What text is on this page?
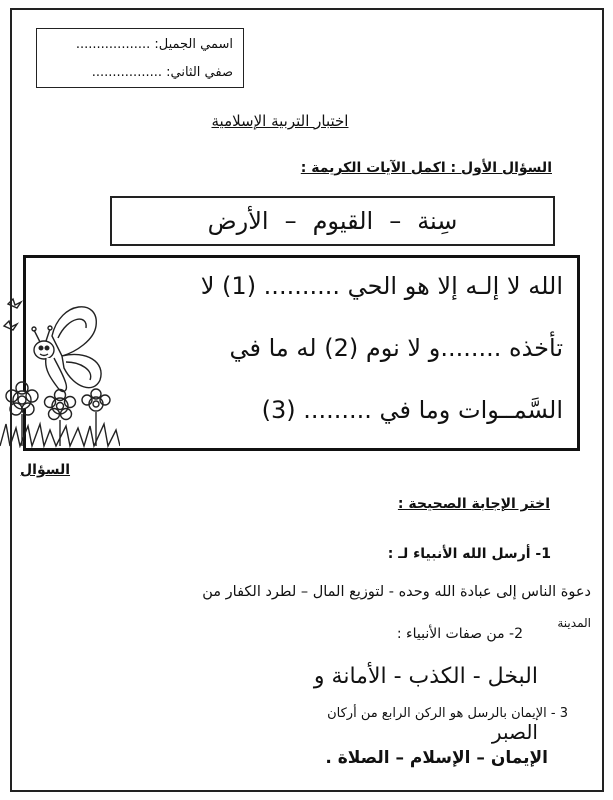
اسمي الجميل: ..................
صفي الثاني: .................
اختبار التربية الإسلامية
السؤال الأول : اكمل الآيات الكريمة :
سِنة
–
القيوم
–
الأرض
الله لا إلـه إلا هو الحي .......... (1) لا
تأخذه ........و لا نوم (2) له ما في
السَّمــوات وما في ......... (3)
السؤال
اختر الإجابة الصحيحة :
1- أرسل الله الأنبياء لـ :
دعوة الناس إلى عبادة الله وحده - لتوزيع المال – لطرد الكفار من
المدينة
2- من صفات الأنبياء :
البخل - الكذب - الأمانة و
الصبر
3 - الإيمان بالرسل هو الركن الرابع من أركان
الإيمان – الإسلام – الصلاة .
